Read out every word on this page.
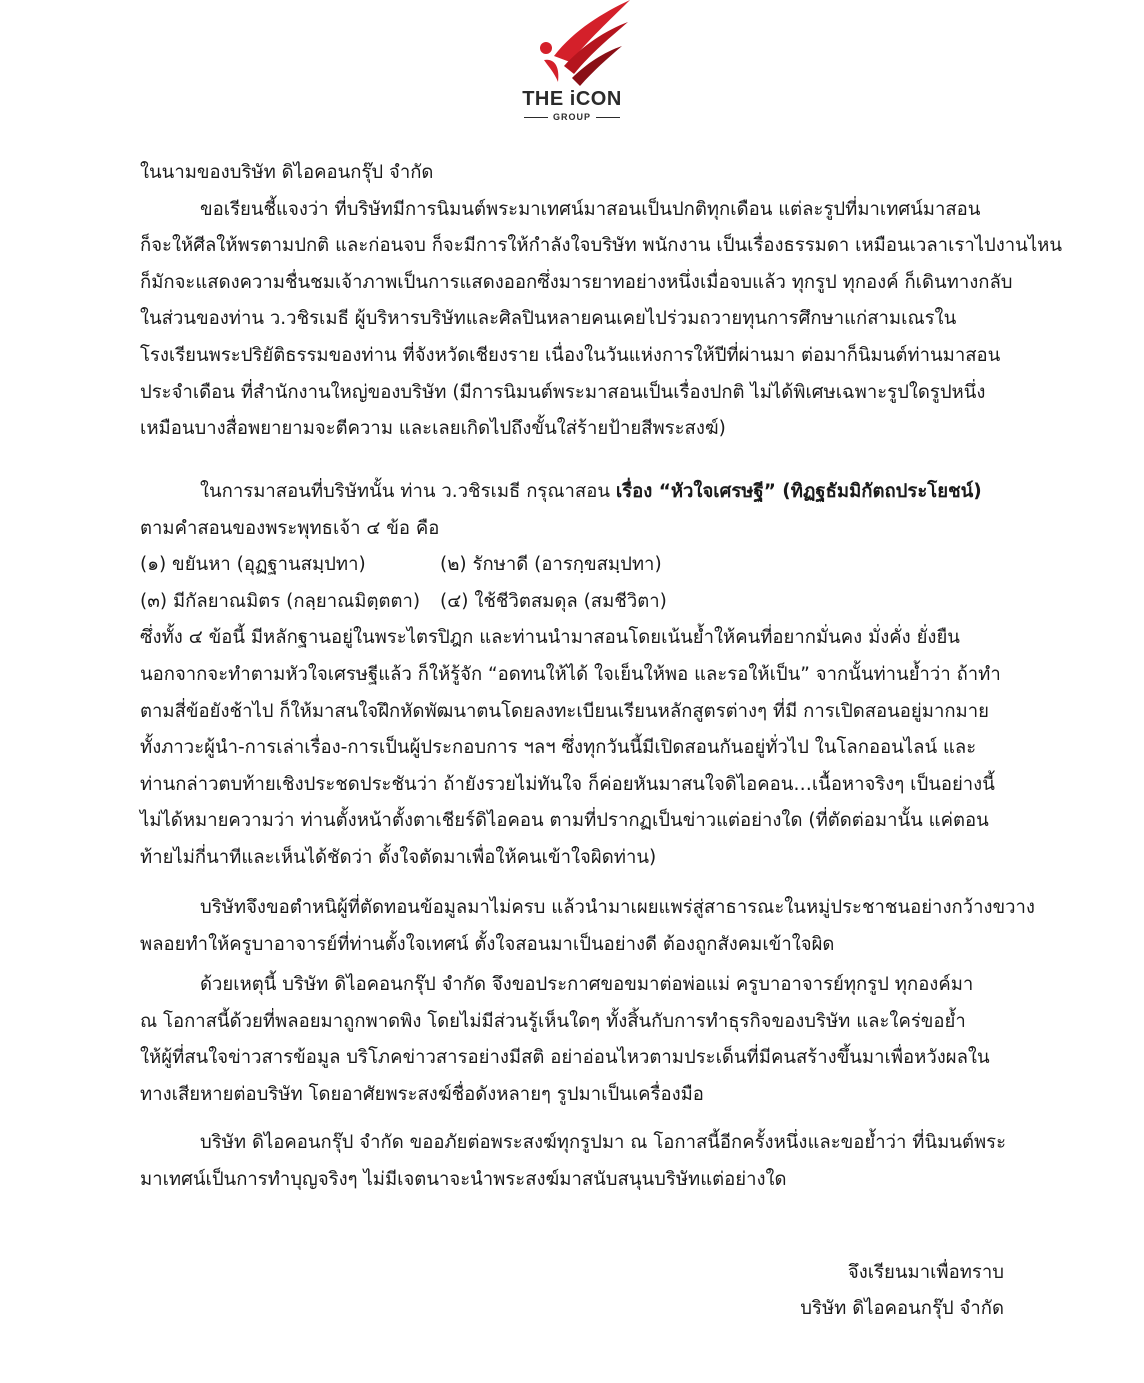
THE iCON
GROUP
ในนามของบริษัท ดิไอคอนกรุ๊ป จำกัด
ขอเรียนชี้แจงว่า ที่บริษัทมีการนิมนต์พระมาเทศน์มาสอนเป็นปกติทุกเดือน แต่ละรูปที่มาเทศน์มาสอน
ก็จะให้ศีลให้พรตามปกติ และก่อนจบ ก็จะมีการให้กำลังใจบริษัท พนักงาน เป็นเรื่องธรรมดา เหมือนเวลาเราไปงานไหน
ก็มักจะแสดงความชื่นชมเจ้าภาพเป็นการแสดงออกซึ่งมารยาทอย่างหนึ่งเมื่อจบแล้ว ทุกรูป ทุกองค์ ก็เดินทางกลับ
ในส่วนของท่าน ว.วชิรเมธี ผู้บริหารบริษัทและศิลปินหลายคนเคยไปร่วมถวายทุนการศึกษาแก่สามเณรใน
โรงเรียนพระปริยัติธรรมของท่าน ที่จังหวัดเชียงราย เนื่องในวันแห่งการให้ปีที่ผ่านมา ต่อมาก็นิมนต์ท่านมาสอน
ประจำเดือน ที่สำนักงานใหญ่ของบริษัท (มีการนิมนต์พระมาสอนเป็นเรื่องปกติ ไม่ได้พิเศษเฉพาะรูปใดรูปหนึ่ง
เหมือนบางสื่อพยายามจะตีความ และเลยเกิดไปถึงขั้นใส่ร้ายป้ายสีพระสงฆ์)
ในการมาสอนที่บริษัทนั้น ท่าน ว.วชิรเมธี กรุณาสอน เรื่อง “หัวใจเศรษฐี” (ทิฏฐธัมมิกัตถประโยชน์)
ตามคำสอนของพระพุทธเจ้า ๔ ข้อ คือ
(๑) ขยันหา (อุฏฐานสมฺปทา)	(๒) รักษาดี (อารกฺขสมฺปทา)
(๓) มีกัลยาณมิตร (กลฺยาณมิตฺตตา) (๔) ใช้ชีวิตสมดุล (สมชีวิตา)
ซึ่งทั้ง ๔ ข้อนี้ มีหลักฐานอยู่ในพระไตรปิฎก และท่านนำมาสอนโดยเน้นย้ำให้คนที่อยากมั่นคง มั่งคั่ง ยั่งยืน
นอกจากจะทำตามหัวใจเศรษฐีแล้ว ก็ให้รู้จัก “อดทนให้ได้ ใจเย็นให้พอ และรอให้เป็น” จากนั้นท่านย้ำว่า ถ้าทำ
ตามสี่ข้อยังช้าไป ก็ให้มาสนใจฝึกหัดพัฒนาตนโดยลงทะเบียนเรียนหลักสูตรต่างๆ ที่มี การเปิดสอนอยู่มากมาย
ทั้งภาวะผู้นำ-การเล่าเรื่อง-การเป็นผู้ประกอบการ ฯลฯ ซึ่งทุกวันนี้มีเปิดสอนกันอยู่ทั่วไป ในโลกออนไลน์ และ
ท่านกล่าวตบท้ายเชิงประชดประชันว่า ถ้ายังรวยไม่ทันใจ ก็ค่อยหันมาสนใจดิไอคอน…เนื้อหาจริงๆ เป็นอย่างนี้
ไม่ได้หมายความว่า ท่านตั้งหน้าตั้งตาเชียร์ดิไอคอน ตามที่ปรากฏเป็นข่าวแต่อย่างใด (ที่ตัดต่อมานั้น แค่ตอน
ท้ายไม่กี่นาทีและเห็นได้ชัดว่า ตั้งใจตัดมาเพื่อให้คนเข้าใจผิดท่าน)
บริษัทจึงขอตำหนิผู้ที่ตัดทอนข้อมูลมาไม่ครบ แล้วนำมาเผยแพร่สู่สาธารณะในหมู่ประชาชนอย่างกว้างขวาง
พลอยทำให้ครูบาอาจารย์ที่ท่านตั้งใจเทศน์ ตั้งใจสอนมาเป็นอย่างดี ต้องถูกสังคมเข้าใจผิด
ด้วยเหตุนี้ บริษัท ดิไอคอนกรุ๊ป จำกัด จึงขอประกาศขอขมาต่อพ่อแม่ ครูบาอาจารย์ทุกรูป ทุกองค์มา
ณ โอกาสนี้ด้วยที่พลอยมาถูกพาดพิง โดยไม่มีส่วนรู้เห็นใดๆ ทั้งสิ้นกับการทำธุรกิจของบริษัท และใคร่ขอย้ำ
ให้ผู้ที่สนใจข่าวสารข้อมูล บริโภคข่าวสารอย่างมีสติ อย่าอ่อนไหวตามประเด็นที่มีคนสร้างขึ้นมาเพื่อหวังผลใน
ทางเสียหายต่อบริษัท โดยอาศัยพระสงฆ์ชื่อดังหลายๆ รูปมาเป็นเครื่องมือ
บริษัท ดิไอคอนกรุ๊ป จำกัด ขออภัยต่อพระสงฆ์ทุกรูปมา ณ โอกาสนี้อีกครั้งหนึ่งและขอย้ำว่า ที่นิมนต์พระ
มาเทศน์เป็นการทำบุญจริงๆ ไม่มีเจตนาจะนำพระสงฆ์มาสนับสนุนบริษัทแต่อย่างใด
จึงเรียนมาเพื่อทราบ
บริษัท ดิไอคอนกรุ๊ป จำกัด
